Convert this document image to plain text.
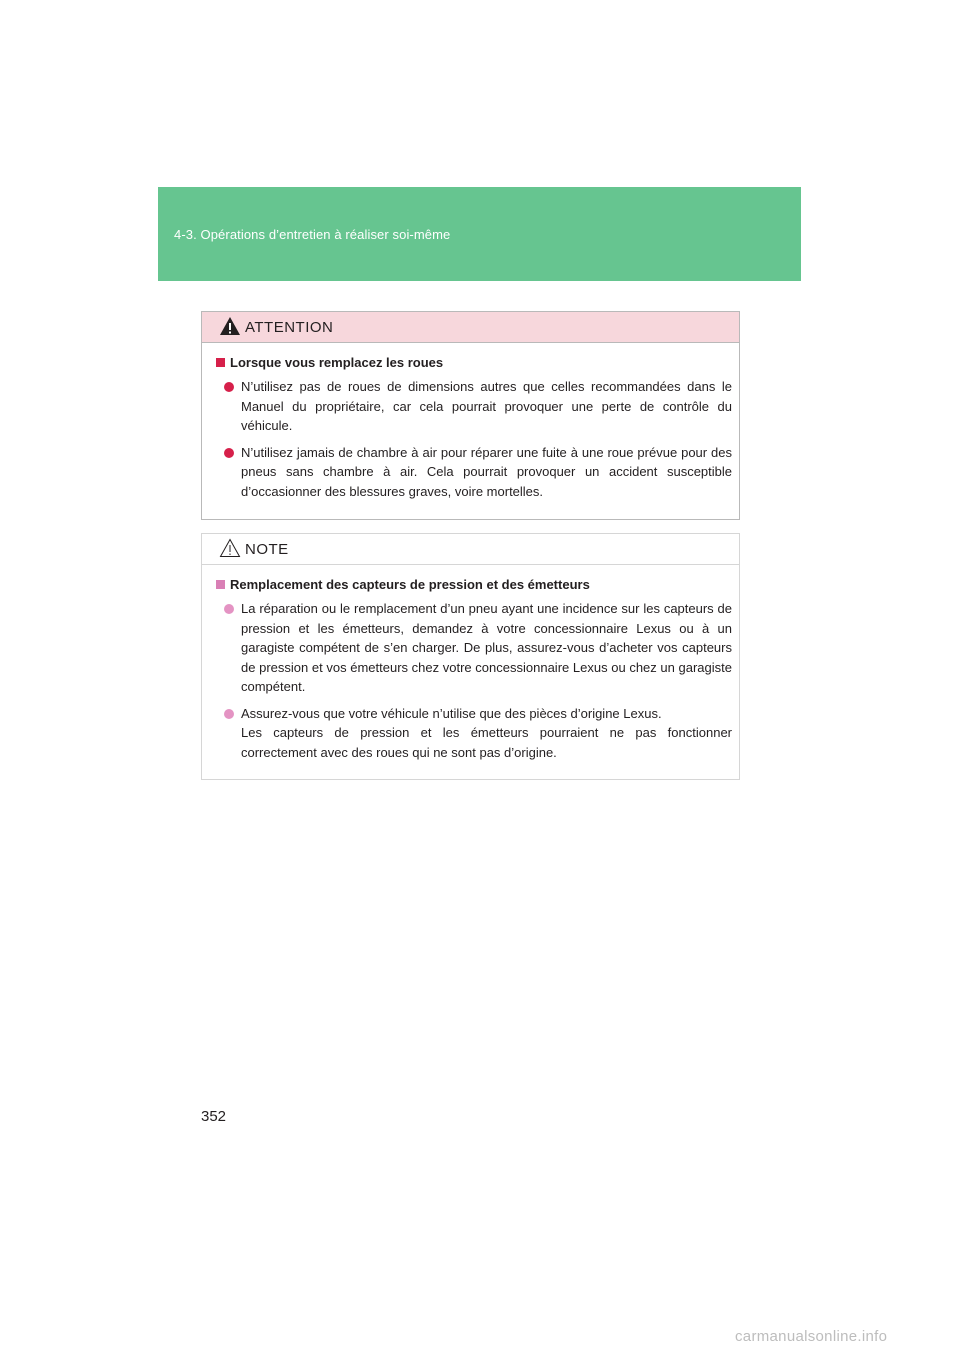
4-3. Opérations d’entretien à réaliser soi-même
ATTENTION
Lorsque vous remplacez les roues

N’utilisez pas de roues de dimensions autres que celles recommandées dans le Manuel du propriétaire, car cela pourrait provoquer une perte de contrôle du véhicule.

N’utilisez jamais de chambre à air pour réparer une fuite à une roue prévue pour des pneus sans chambre à air. Cela pourrait provoquer un accident susceptible d’occasionner des blessures graves, voire mortelles.

NOTE
Remplacement des capteurs de pression et des émetteurs

La réparation ou le remplacement d’un pneu ayant une incidence sur les capteurs de pression et les émetteurs, demandez à votre concessionnaire Lexus ou à un garagiste compétent de s’en charger. De plus, assurez-vous d’acheter vos capteurs de pression et vos émetteurs chez votre concessionnaire Lexus ou chez un garagiste compétent.

Assurez-vous que votre véhicule n’utilise que des pièces d’origine Lexus.

Les capteurs de pression et les émetteurs pourraient ne pas fonctionner correctement avec des roues qui ne sont pas d’origine.

352
carmanualsonline.info
